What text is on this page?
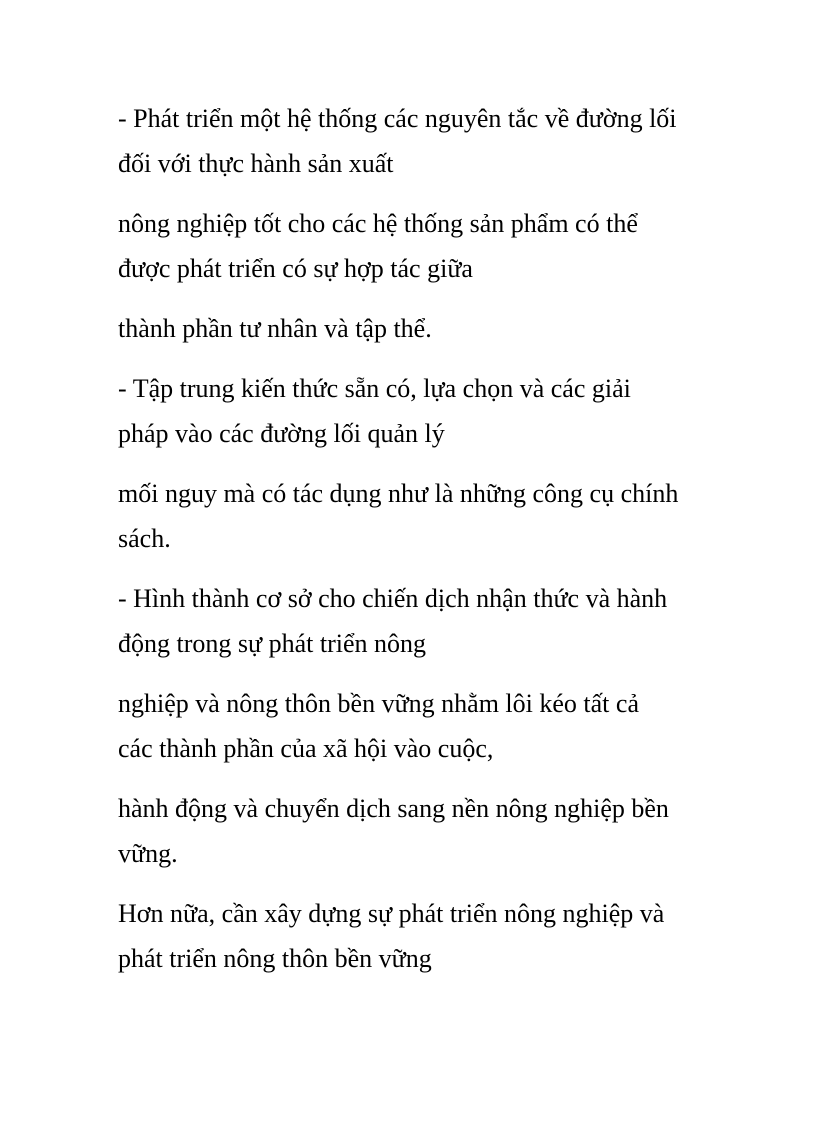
- Phát triển một hệ thống các nguyên tắc về đường lối
đối với thực hành sản xuất

nông nghiệp tốt cho các hệ thống sản phẩm có thể
được phát triển có sự hợp tác giữa

thành phần tư nhân và tập thể.

- Tập trung kiến thức sẵn có, lựa chọn và các giải
pháp vào các đường lối quản lý

mối nguy mà có tác dụng như là những công cụ chính
sách.

- Hình thành cơ sở cho chiến dịch nhận thức và hành
động trong sự phát triển nông

nghiệp và nông thôn bền vững nhằm lôi kéo tất cả
các thành phần của xã hội vào cuộc,

hành động và chuyển dịch sang nền nông nghiệp bền
vững.

Hơn nữa, cần xây dựng sự phát triển nông nghiệp và
phát triển nông thôn bền vững
